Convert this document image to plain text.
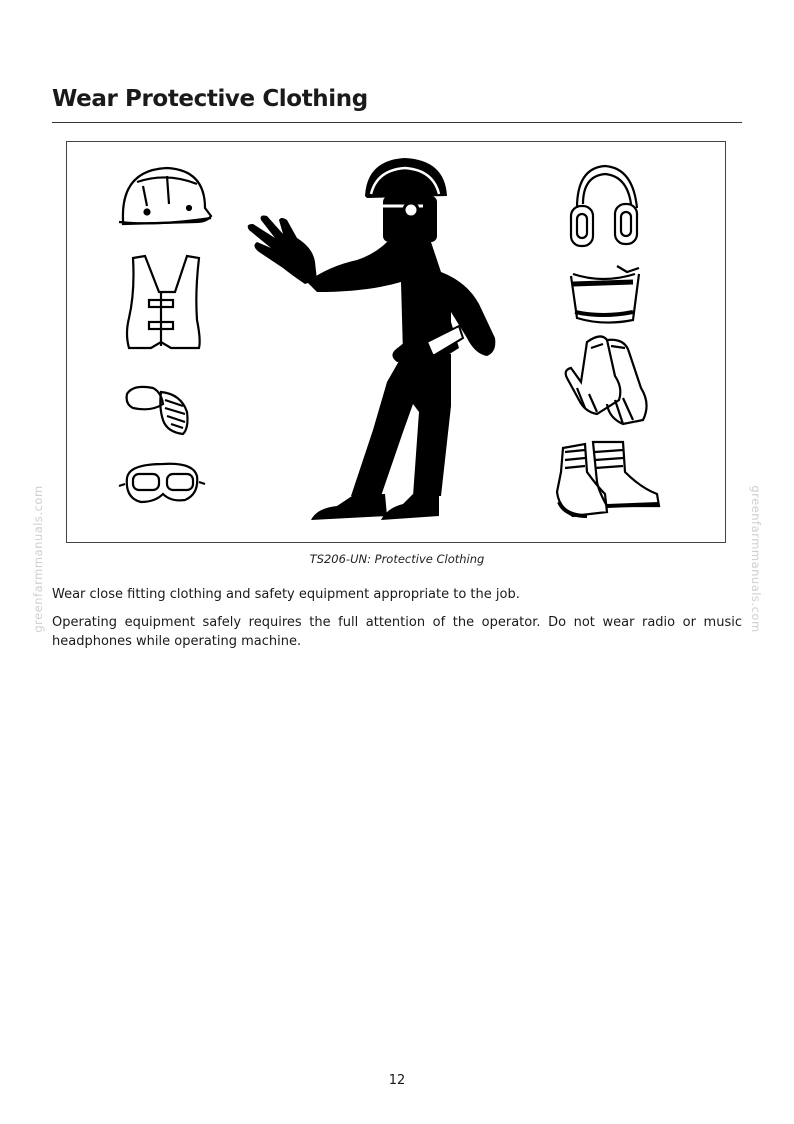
Wear Protective Clothing
TS206-UN: Protective Clothing

Wear close fitting clothing and safety equipment appropriate to the job.

Operating equipment safely requires the full attention of the operator. Do not wear radio or music headphones while operating machine.

12
greenfarmmanuals.com	greenfarmmanuals.com
